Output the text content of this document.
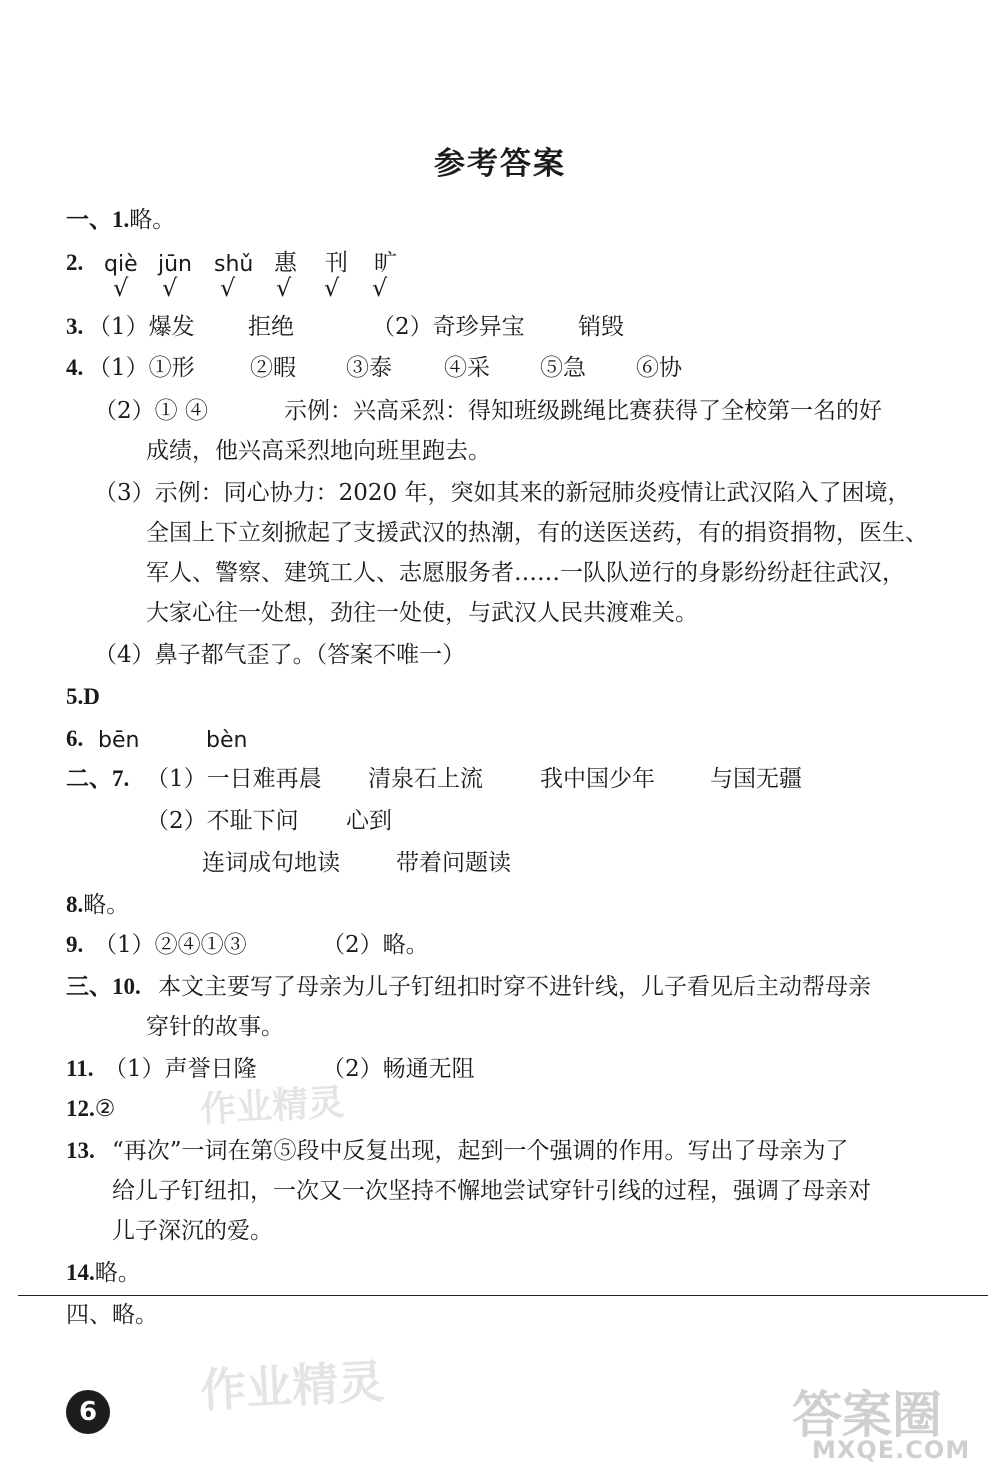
参考答案
一、1.略。
2. qiè jūn shǔ 惠 刊 旷
√ √ √ √ √ √
3. （1）爆发 拒绝	（2）奇珍异宝 销毁
4. （1）①形 ②暇 ③泰 ④采 ⑤急 ⑥协
（2）① ④	示例：兴高采烈：得知班级跳绳比赛获得了全校第一名的好
成绩，他兴高采烈地向班里跑去。
（3）示例：同心协力：2020 年，突如其来的新冠肺炎疫情让武汉陷入了困境，
全国上下立刻掀起了支援武汉的热潮，有的送医送药，有的捐资捐物，医生、
军人、警察、建筑工人、志愿服务者……一队队逆行的身影纷纷赶往武汉，
大家心往一处想，劲往一处使，与武汉人民共渡难关。
（4）鼻子都气歪了。（答案不唯一）
5.D
6. bēn	bèn
二、7. （1）一日难再晨 清泉石上流 我中国少年 与国无疆
（2）不耻下问 心到
连词成句地读 带着问题读
8.略。
9. （1）②④①③	（2）略。
三、10. 本文主要写了母亲为儿子钉纽扣时穿不进针线，儿子看见后主动帮母亲
穿针的故事。
11. （1）声誉日隆	（2）畅通无阻
12.②
13. “再次”一词在第⑤段中反复出现，起到一个强调的作用。写出了母亲为了
给儿子钉纽扣，一次又一次坚持不懈地尝试穿针引线的过程，强调了母亲对
儿子深沉的爱。
14.略。
四、略。
6
作业精灵
作业精灵	答案圈
MXQE.COM
